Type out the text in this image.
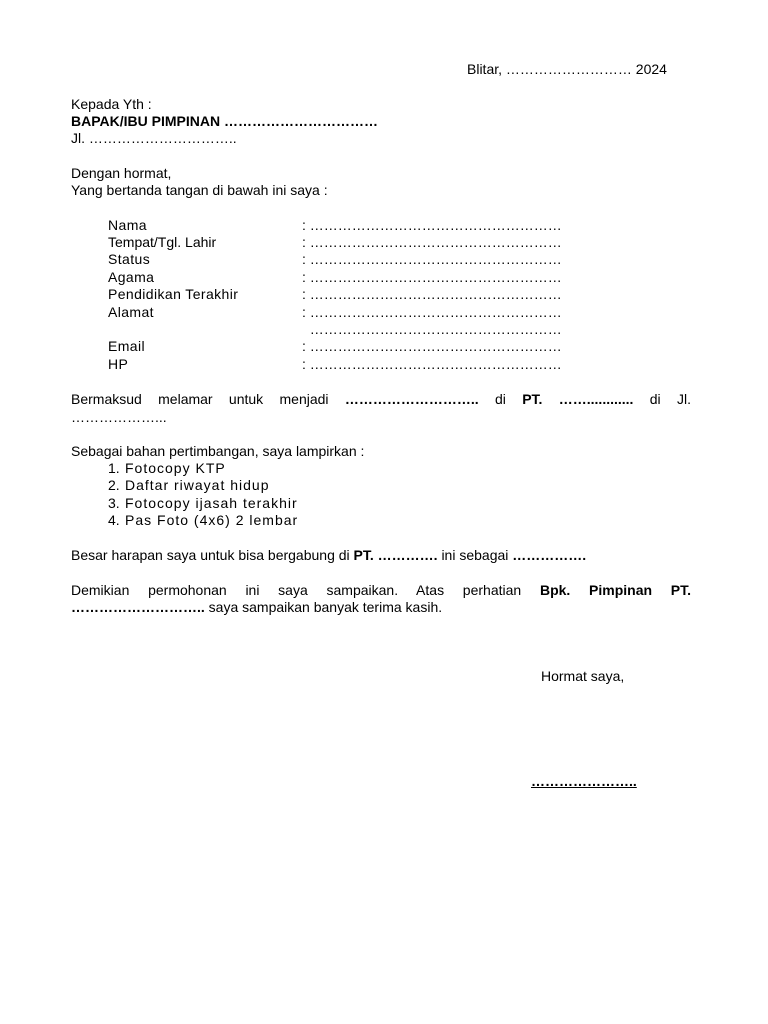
Blitar, ……………………… 2024
Kepada Yth :
BAPAK/IBU PIMPINAN ……………………………
Jl. …………………………..
Dengan hormat,
Yang bertanda tangan di bawah ini saya :
Nama	: ………………………………………………
Tempat/Tgl. Lahir	: ………………………………………………
Status	: ………………………………………………
Agama	: ………………………………………………
Pendidikan Terakhir	: ………………………………………………
Alamat	: ………………………………………………
………………………………………………
Email	: ………………………………………………
HP	: ………………………………………………
Bermaksud melamar untuk menjadi ……………………….. di PT. ……............ di Jl.
………………...
Sebagai bahan pertimbangan, saya lampirkan :
1. Fotocopy KTP
2. Daftar riwayat hidup
3. Fotocopy ijasah terakhir
4. Pas Foto (4x6) 2 lembar
Besar harapan saya untuk bisa bergabung di PT. …………. ini sebagai …………….
Demikian permohonan ini saya sampaikan. Atas perhatian Bpk. Pimpinan PT.
……………………….. saya sampaikan banyak terima kasih.
Hormat saya,
…………………..
